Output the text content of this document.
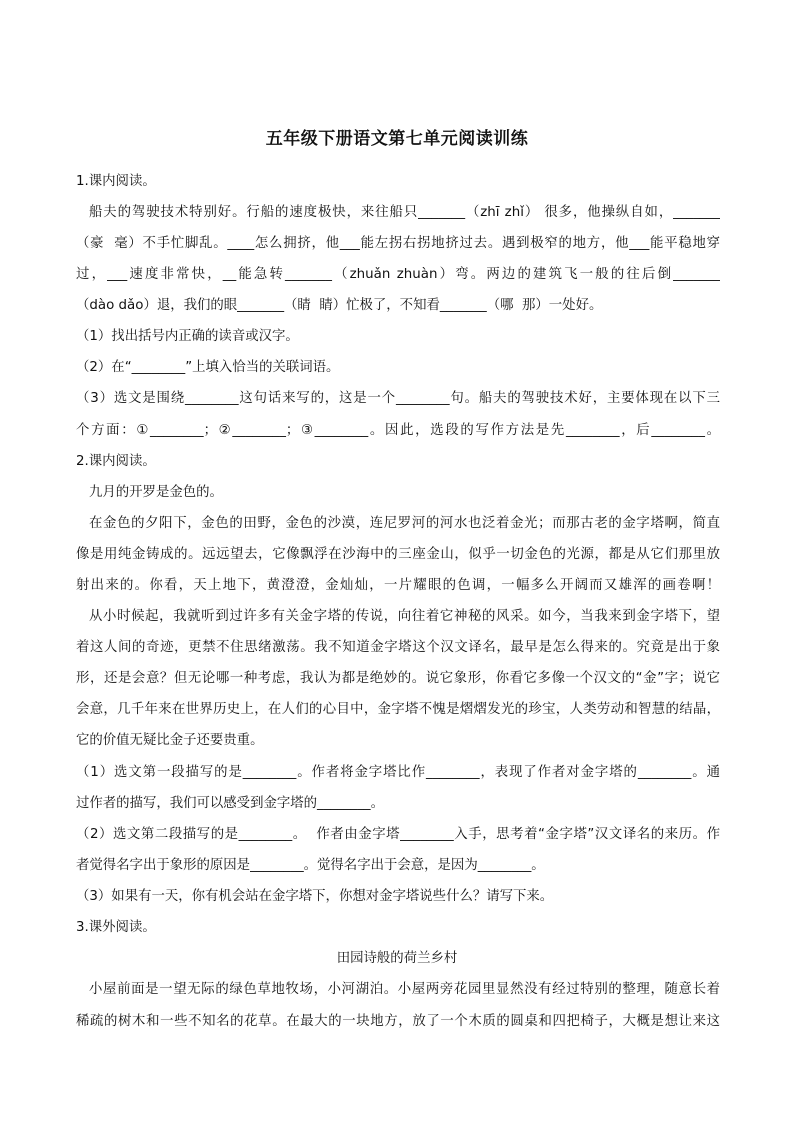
五年级下册语文第七单元阅读训练
1.课内阅读。
船夫的驾驶技术特别好。行船的速度极快，来往船只_______（zhī zhǐ） 很多，他操纵自如，_______
（豪  毫）不手忙脚乱。____怎么拥挤，他___能左拐右拐地挤过去。遇到极窄的地方，他___能平稳地穿
过，___速度非常快，__能急转_______（zhuǎn zhuàn）弯。两边的建筑飞一般的往后倒_______
（dào dǎo）退，我们的眼_______（睛  睛）忙极了，不知看_______（哪  那）一处好。
（1）找出括号内正确的读音或汉字。
（2）在“________”上填入恰当的关联词语。
（3）选文是围绕________这句话来写的，这是一个________句。船夫的驾驶技术好，主要体现在以下三
个方面：①________；②________；③________。因此，选段的写作方法是先________，后________。
2.课内阅读。
九月的开罗是金色的。
在金色的夕阳下，金色的田野，金色的沙漠，连尼罗河的河水也泛着金光；而那古老的金字塔啊，简直
像是用纯金铸成的。远远望去，它像飘浮在沙海中的三座金山，似乎一切金色的光源，都是从它们那里放
射出来的。你看，天上地下，黄澄澄，金灿灿，一片耀眼的色调，一幅多么开阔而又雄浑的画卷啊！
从小时候起，我就听到过许多有关金字塔的传说，向往着它神秘的风采。如今，当我来到金字塔下，望
着这人间的奇迹，更禁不住思绪激荡。我不知道金字塔这个汉文译名，最早是怎么得来的。究竟是出于象
形，还是会意？但无论哪一种考虑，我认为都是绝妙的。说它象形，你看它多像一个汉文的“金”字；说它
会意，几千年来在世界历史上，在人们的心目中，金字塔不愧是熠熠发光的珍宝，人类劳动和智慧的结晶，
它的价值无疑比金子还要贵重。
（1）选文第一段描写的是________。作者将金字塔比作________，表现了作者对金字塔的________。通
过作者的描写，我们可以感受到金字塔的________。
（2）选文第二段描写的是________。  作者由金字塔________入手，思考着“金字塔”汉文译名的来历。作
者觉得名字出于象形的原因是________。觉得名字出于会意，是因为________。
（3）如果有一天，你有机会站在金字塔下，你想对金字塔说些什么？请写下来。
3.课外阅读。
田园诗般的荷兰乡村
小屋前面是一望无际的绿色草地牧场，小河湖泊。小屋两旁花园里显然没有经过特别的整理，随意长着
稀疏的树木和一些不知名的花草。在最大的一块地方，放了一个木质的圆桌和四把椅子，大概是想让来这
